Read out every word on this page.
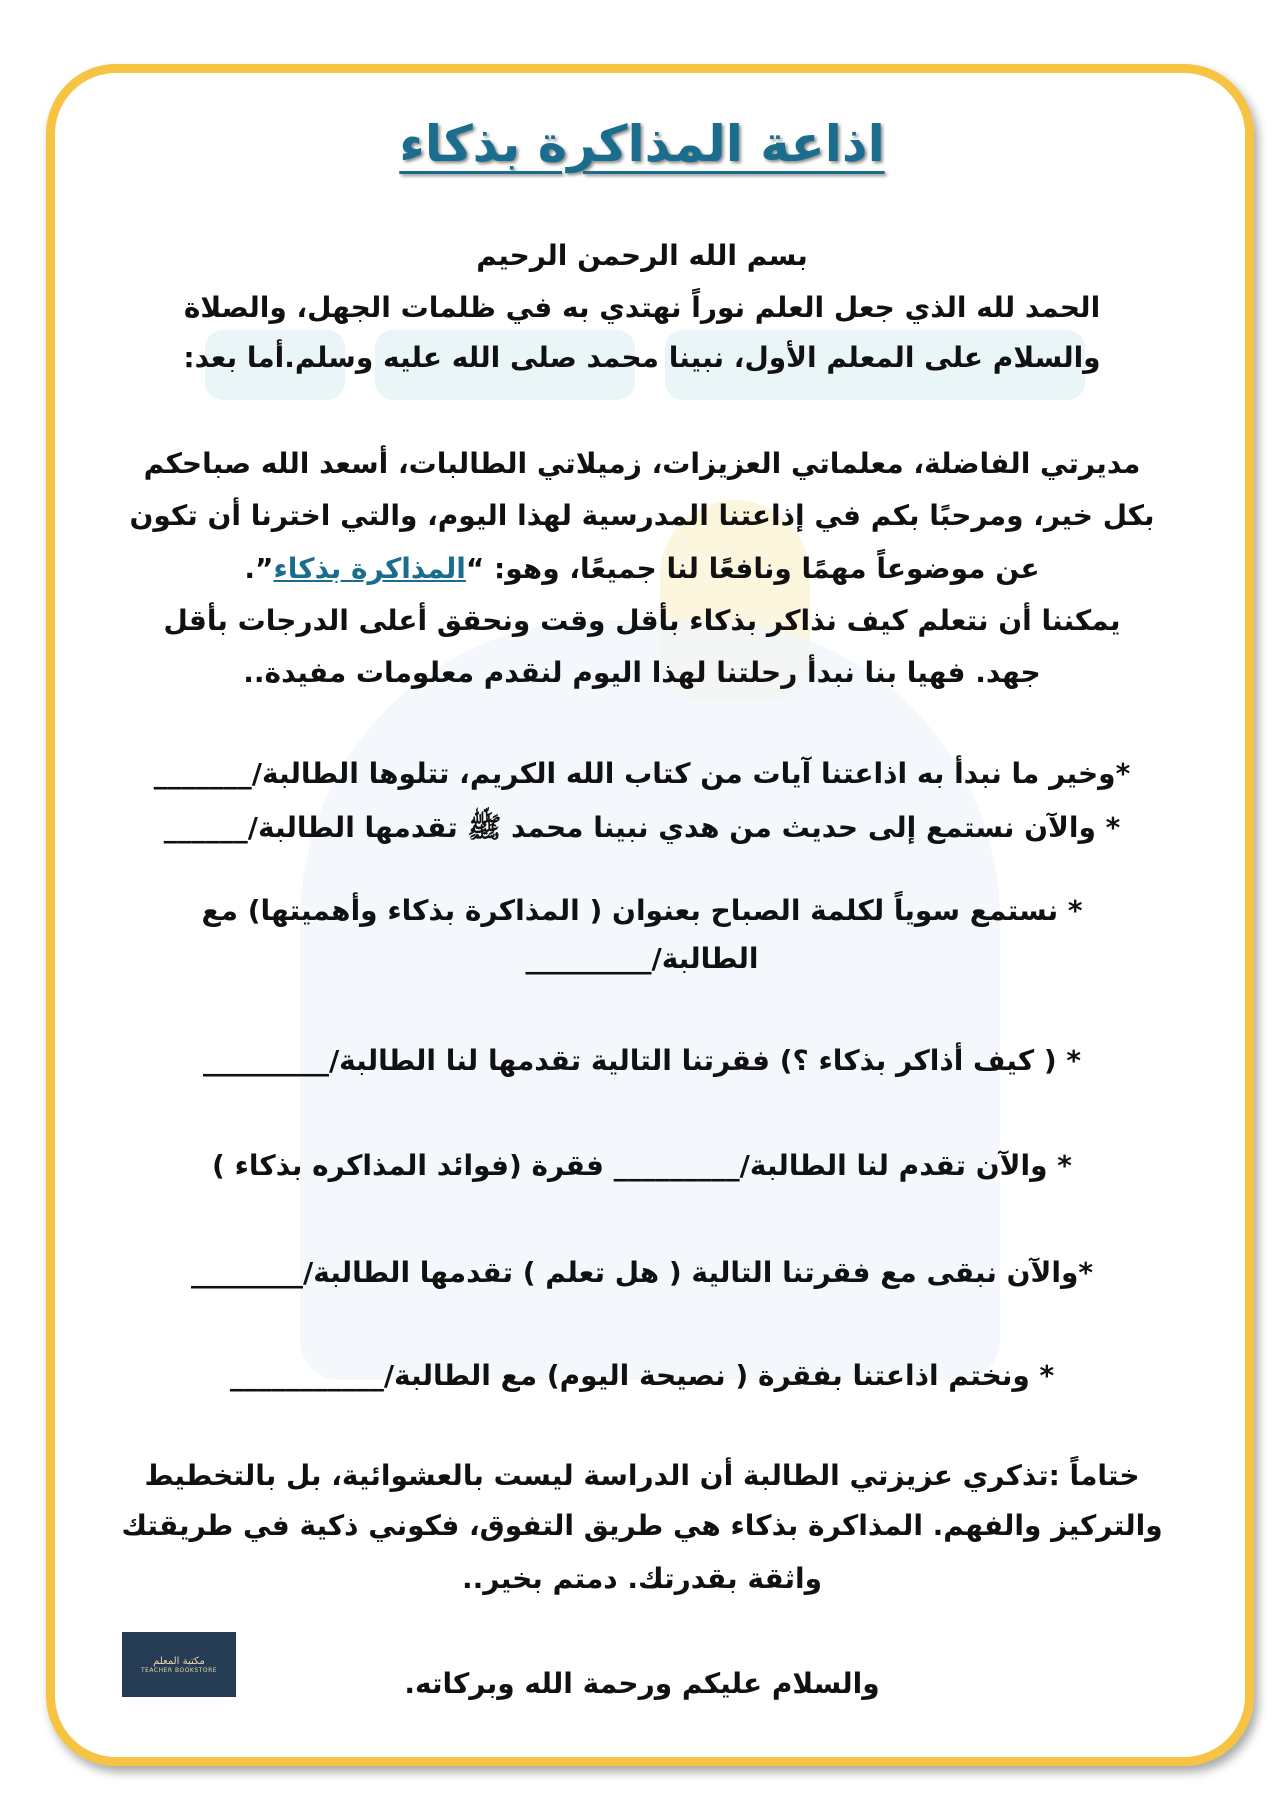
اذاعة المذاكرة بذكاء
بسم الله الرحمن الرحيم
الحمد لله الذي جعل العلم نوراً نهتدي به في ظلمات الجهل، والصلاة
والسلام على المعلم الأول، نبينا محمد صلى الله عليه وسلم.أما بعد:
مديرتي الفاضلة، معلماتي العزيزات، زميلاتي الطالبات، أسعد الله صباحكم
بكل خير، ومرحبًا بكم في إذاعتنا المدرسية لهذا اليوم، والتي اخترنا أن تكون
عن موضوعاً مهمًا ونافعًا لنا جميعًا، وهو: “المذاكرة بذكاء”.
يمكننا أن نتعلم كيف نذاكر بذكاء بأقل وقت ونحقق أعلى الدرجات بأقل
جهد. فهيا بنا نبدأ رحلتنا لهذا اليوم لنقدم معلومات مفيدة..
*وخير ما نبدأ به اذاعتنا آيات من كتاب الله الكريم، تتلوها الطالبة/_______
* والآن نستمع إلى حديث من هدي نبينا محمد ﷺ تقدمها الطالبة/______
* نستمع سوياً لكلمة الصباح بعنوان ( المذاكرة بذكاء وأهميتها) مع
الطالبة/_________
* ( كيف أذاكر بذكاء ؟) فقرتنا التالية تقدمها لنا الطالبة/_________
* والآن تقدم لنا الطالبة/_________ فقرة (فوائد المذاكره بذكاء )
*والآن نبقى مع فقرتنا التالية ( هل تعلم ) تقدمها الطالبة/________
* ونختم اذاعتنا بفقرة ( نصيحة اليوم) مع الطالبة/___________
ختاماً :تذكري عزيزتي الطالبة أن الدراسة ليست بالعشوائية، بل بالتخطيط
والتركيز والفهم. المذاكرة بذكاء هي طريق التفوق، فكوني ذكية في طريقتك
واثقة بقدرتك. دمتم بخير..
مكتبة المعلم
TEACHER BOOKSTORE	والسلام عليكم ورحمة الله وبركاته.
